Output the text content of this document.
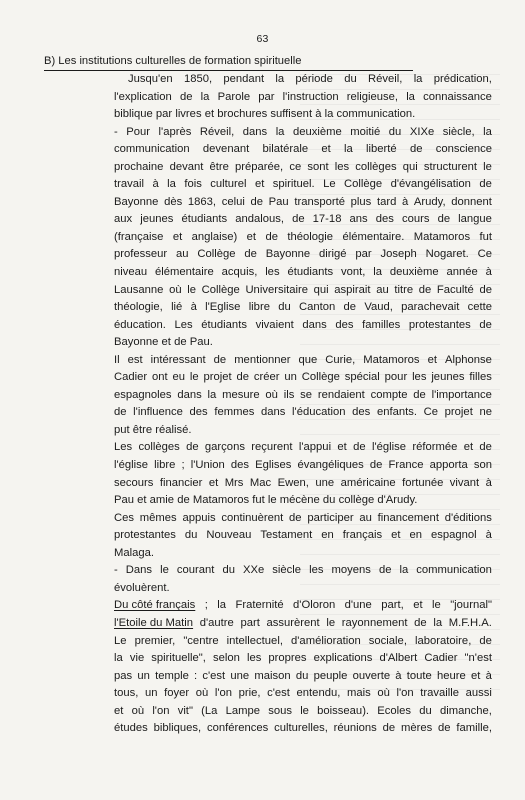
63
B) Les institutions culturelles de formation spirituelle
Jusqu'en 1850, pendant la période du Réveil, la prédication,
l'explication de la Parole par l'instruction religieuse, la connaissance
biblique par livres et brochures suffisent à la communication.
- Pour l'après Réveil, dans la deuxième moitié du XIXe siècle, la
communication devenant bilatérale et la liberté de conscience
prochaine devant être préparée, ce sont les collèges qui structurent le
travail à la fois culturel et spirituel. Le Collège d'évangélisation de
Bayonne dès 1863, celui de Pau transporté plus tard à Arudy, donnent
aux jeunes étudiants andalous, de 17-18 ans des cours de langue
(française et anglaise) et de théologie élémentaire. Matamoros fut
professeur au Collège de Bayonne dirigé par Joseph Nogaret. Ce
niveau élémentaire acquis, les étudiants vont, la deuxième année à
Lausanne où le Collège Universitaire qui aspirait au titre de Faculté de
théologie, lié à l'Eglise libre du Canton de Vaud, parachevait cette
éducation. Les étudiants vivaient dans des familles protestantes de
Bayonne et de Pau.
Il est intéressant de mentionner que Curie, Matamoros et Alphonse
Cadier ont eu le projet de créer un Collège spécial pour les jeunes filles
espagnoles dans la mesure où ils se rendaient compte de l'importance
de l'influence des femmes dans l'éducation des enfants. Ce projet ne
put être réalisé.
Les collèges de garçons reçurent l'appui et de l'église réformée et de
l'église libre ; l'Union des Eglises évangéliques de France apporta son
secours financier et Mrs Mac Ewen, une américaine fortunée vivant à
Pau et amie de Matamoros fut le mécène du collège d'Arudy.
Ces mêmes appuis continuèrent de participer au financement d'éditions
protestantes du Nouveau Testament en français et en espagnol à
Malaga.
- Dans le courant du XXe siècle les moyens de la communication
évoluèrent.
Du côté français ; la Fraternité d'Oloron d'une part, et le "journal"
l'Etoile du Matin d'autre part assurèrent le rayonnement de la M.F.H.A.
Le premier, "centre intellectuel, d'amélioration sociale, laboratoire, de
la vie spirituelle", selon les propres explications d'Albert Cadier "n'est
pas un temple : c'est une maison du peuple ouverte à toute heure et à
tous, un foyer où l'on prie, c'est entendu, mais où l'on travaille aussi
et où l'on vit" (La Lampe sous le boisseau). Ecoles du dimanche,
études bibliques, conférences culturelles, réunions de mères de famille,
